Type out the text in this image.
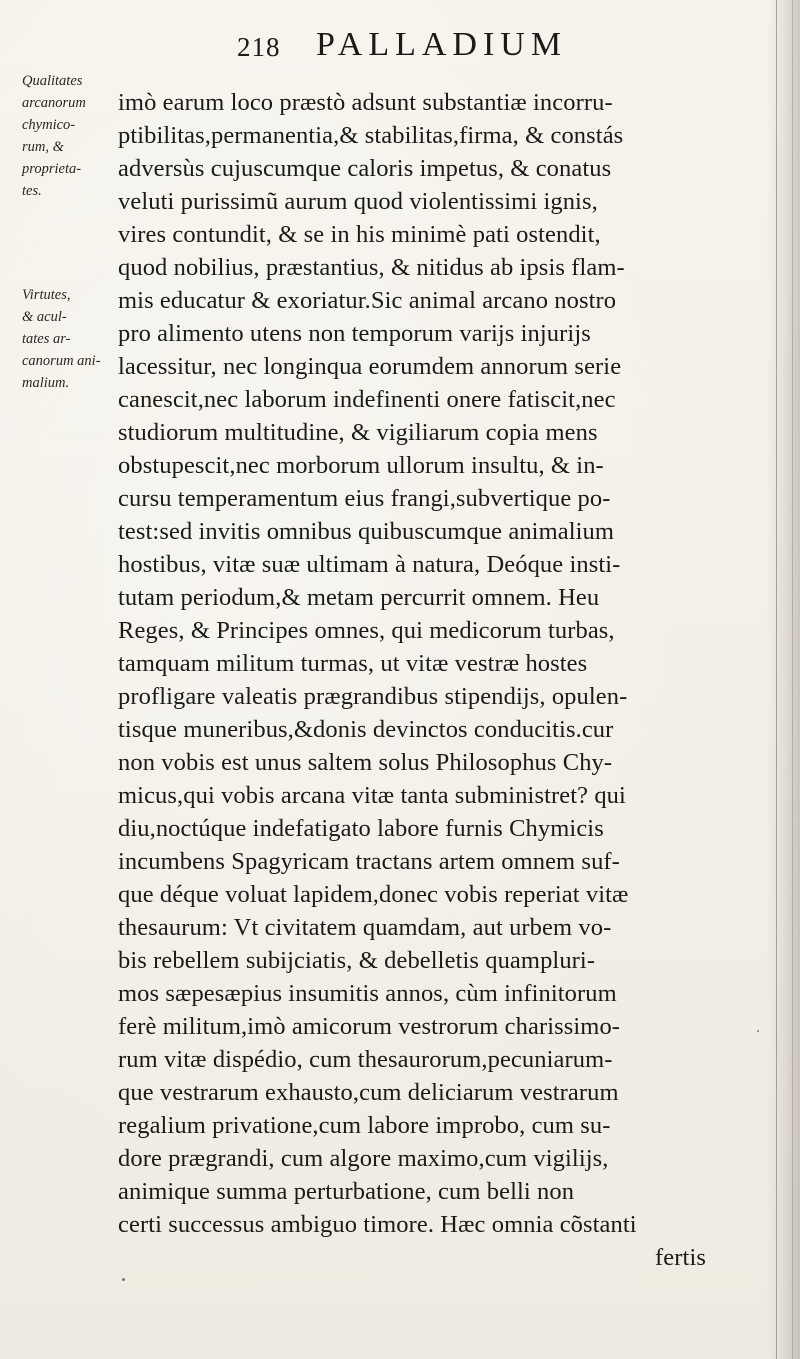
218 PALLADIUM
Qualitates
arcanorum
chymico-
rum, &
proprieta-
tes.
Virtutes,
& acul-
tates ar-
canorum ani-
malium.
imò earum loco præstò adsunt substantiæ incorru-
ptibilitas,permanentia,& stabilitas,firma, & constás
adversùs cujuscumque caloris impetus, & conatus
veluti purissimũ aurum quod violentissimi ignis,
vires contundit, & se in his minimè pati ostendit,
quod nobilius, præstantius, & nitidus ab ipsis flam-
mis educatur & exoriatur.Sic animal arcano nostro
pro alimento utens non temporum varijs injurijs
lacessitur, nec longinqua eorumdem annorum serie
canescit,nec laborum indefinenti onere fatiscit,nec
studiorum multitudine, & vigiliarum copia mens
obstupescit,nec morborum ullorum insultu, & in-
cursu temperamentum eius frangi,subvertique po-
test:sed invitis omnibus quibuscumque animalium
hostibus, vitæ suæ ultimam à natura, Deóque insti-
tutam periodum,& metam percurrit omnem. Heu
Reges, & Principes omnes, qui medicorum turbas,
tamquam militum turmas, ut vitæ vestræ hostes
profligare valeatis prægrandibus stipendijs, opulen-
tisque muneribus,&donis devinctos conducitis.cur
non vobis est unus saltem solus Philosophus Chy-
micus,qui vobis arcana vitæ tanta subministret? qui
diu,noctúque indefatigato labore furnis Chymicis
incumbens Spagyricam tractans artem omnem suf-
que déque voluat lapidem,donec vobis reperiat vitæ
thesaurum: Vt civitatem quamdam, aut urbem vo-
bis rebellem subijciatis, & debelletis quampluri-
mos sæpesæpius insumitis annos, cùm infinitorum
ferè militum,imò amicorum vestrorum charissimo-
rum vitæ dispédio, cum thesaurorum,pecuniarum-
que vestrarum exhausto,cum deliciarum vestrarum
regalium privatione,cum labore improbo, cum su-
dore prægrandi, cum algore maximo,cum vigilijs,
animique summa perturbatione, cum belli non
certi successus ambiguo timore. Hæc omnia cõstanti
fertis
